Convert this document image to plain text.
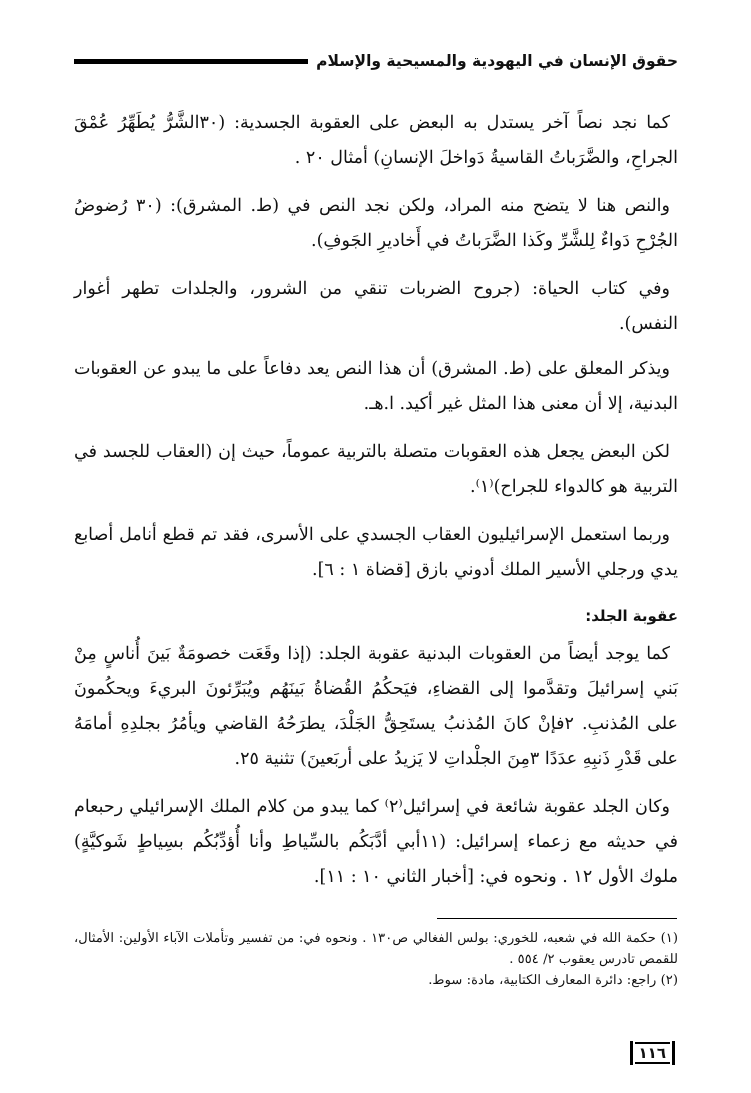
حقوق الإنسان في اليهودية والمسيحية والإسلام

كما نجد نصاً آخر يستدل به البعض على العقوبة الجسدية: (٣٠الشَّرُّ يُطَهِّرُ عُمْقَ الجراحِ، والضَّرَباتُ القاسيةُ دَواخلَ الإنسانِ) أمثال ٢٠ .

والنص هنا لا يتضح منه المراد، ولكن نجد النص في (ط. المشرق): (٣٠ رُضوضُ الجُرْحِ دَواءٌ لِلشَّرِّ وكَذا الضَّرَباتُ في أَخاديرِ الجَوفِ).

وفي كتاب الحياة: (جروح الضربات تنقي من الشرور، والجلدات تطهر أغوار النفس).

ويذكر المعلق على (ط. المشرق) أن هذا النص يعد دفاعاً على ما يبدو عن العقوبات البدنية، إلا أن معنى هذا المثل غير أكيد. ا.هـ.

لكن البعض يجعل هذه العقوبات متصلة بالتربية عموماً، حيث إن (العقاب للجسد في التربية هو كالدواء للجراح)⁽١⁾.

وربما استعمل الإسرائيليون العقاب الجسدي على الأسرى، فقد تم قطع أنامل أصابع يدي ورجلي الأسير الملك أدوني بازق [قضاة ١ : ٦].

عقوبة الجلد:

كما يوجد أيضاً من العقوبات البدنية عقوبة الجلد: (إذا وقَعَت خصومَةٌ بَينَ أُناسٍ مِنْ بَني إسرائيلَ وتقدَّموا إلى القضاءِ، فيَحكُمُ القُضاةُ بَينَهُم ويُبَرِّئونَ البريءَ ويحكُمونَ على المُذنبِ. ٢فإنْ كانَ المُذنبُ يستَحِقُّ الجَلْدَ، يطرَحُهُ القاضي ويأمُرُ بجلدِهِ أمامَهُ على قَدْرِ ذَنبِهِ عدَدًا ٣مِنَ الجلْداتِ لا يَزيدُ على أربَعينَ) تثنية ٢٥.

وكان الجلد عقوبة شائعة في إسرائيل⁽٢⁾ كما يبدو من كلام الملك الإسرائيلي رحبعام في حديثه مع زعماء إسرائيل: (١١أبي أدَّبَكُم بالسِّياطِ وأنا أُؤدِّبُكُم بسِياطٍ شَوكيَّةٍ) ملوك الأول ١٢ . ونحوه في: [أخبار الثاني ١٠ : ١١].

(١) حكمة الله في شعبه، للخوري: بولس الفغالي ص١٣٠ . ونحوه في: من تفسير وتأملات الآباء الأولين: الأمثال، للقمص تادرس يعقوب ٢/ ٥٥٤ .
(٢) راجع: دائرة المعارف الكتابية، مادة: سوط.
١١٦
